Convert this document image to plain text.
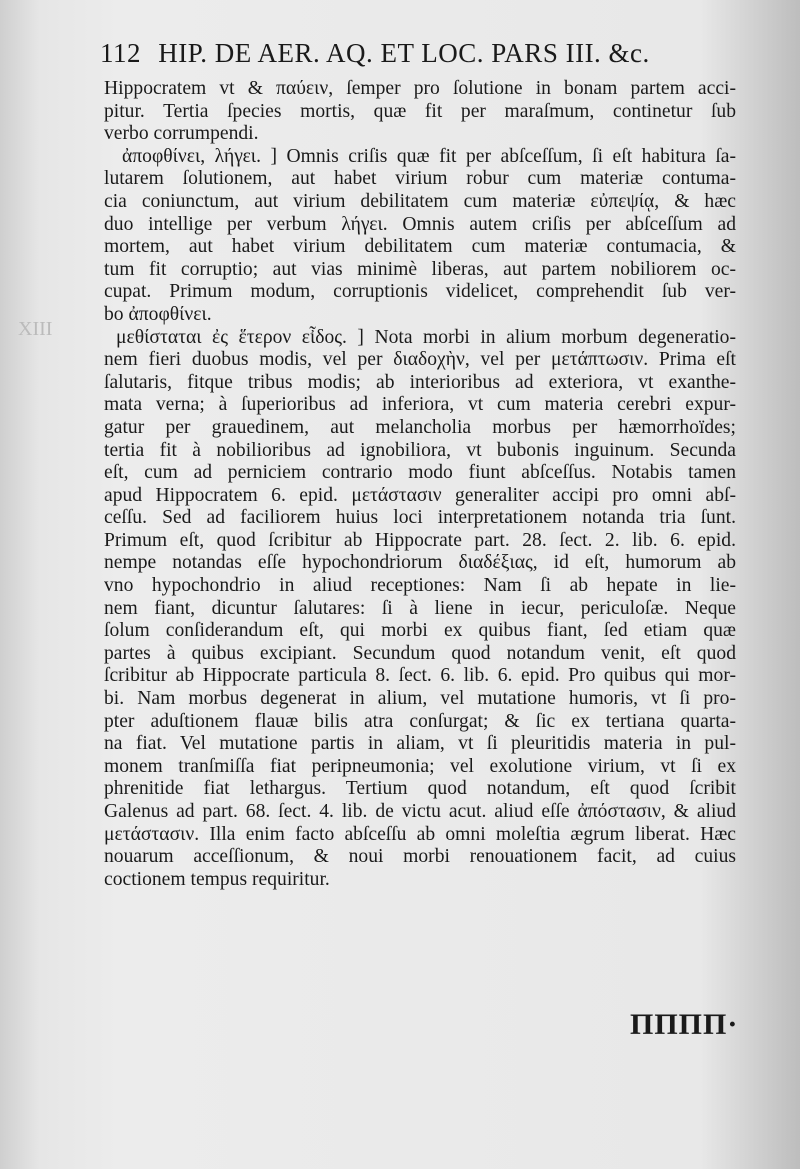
XIII
112 HIP. DE AER. AQ. ET LOC. PARS III. &c.
Hippocratem vt & παύειν, ſemper pro ſolutione in bonam partem acci-
pitur. Tertia ſpecies mortis, quæ fit per maraſmum, continetur ſub
verbo corrumpendi.
ἀποφθίνει, λήγει. ] Omnis criſis quæ fit per abſceſſum, ſi eſt habitura ſa-
lutarem ſolutionem, aut habet virium robur cum materiæ contuma-
cia coniunctum, aut virium debilitatem cum materiæ εὐπεψίᾳ, & hæc
duo intellige per verbum λήγει. Omnis autem criſis per abſceſſum ad
mortem, aut habet virium debilitatem cum materiæ contumacia, &
tum fit corruptio; aut vias minimè liberas, aut partem nobiliorem oc-
cupat. Primum modum, corruptionis videlicet, comprehendit ſub ver-
bo ἀποφθίνει.
μεθίσταται ἐς ἕτερον εἶδος. ] Nota morbi in alium morbum degeneratio-
nem fieri duobus modis, vel per διαδοχὴν, vel per μετάπτωσιν. Prima eſt
ſalutaris, fitque tribus modis; ab interioribus ad exteriora, vt exanthe-
mata verna; à ſuperioribus ad inferiora, vt cum materia cerebri expur-
gatur per grauedinem, aut melancholia morbus per hæmorrhoïdes;
tertia fit à nobilioribus ad ignobiliora, vt bubonis inguinum. Secunda
eſt, cum ad perniciem contrario modo fiunt abſceſſus. Notabis tamen
apud Hippocratem 6. epid. μετάστασιν generaliter accipi pro omni abſ-
ceſſu. Sed ad faciliorem huius loci interpretationem notanda tria ſunt.
Primum eſt, quod ſcribitur ab Hippocrate part. 28. ſect. 2. lib. 6. epid.
nempe notandas eſſe hypochondriorum διαδέξιας, id eſt, humorum ab
vno hypochondrio in aliud receptiones: Nam ſi ab hepate in lie-
nem fiant, dicuntur ſalutares: ſi à liene in iecur, periculoſæ. Neque
ſolum conſiderandum eſt, qui morbi ex quibus fiant, ſed etiam quæ
partes à quibus excipiant. Secundum quod notandum venit, eſt quod
ſcribitur ab Hippocrate particula 8. ſect. 6. lib. 6. epid. Pro quibus qui mor-
bi. Nam morbus degenerat in alium, vel mutatione humoris, vt ſi pro-
pter aduſtionem flauæ bilis atra conſurgat; & ſic ex tertiana quarta-
na fiat. Vel mutatione partis in aliam, vt ſi pleuritidis materia in pul-
monem tranſmiſſa fiat peripneumonia; vel exolutione virium, vt ſi ex
phrenitide fiat lethargus. Tertium quod notandum, eſt quod ſcribit
Galenus ad part. 68. ſect. 4. lib. de victu acut. aliud eſſe ἀπόστασιν, & aliud
μετάστασιν. Illa enim facto abſceſſu ab omni moleſtia ægrum liberat. Hæc
nouarum acceſſionum, & noui morbi renouationem facit, ad cuius
coctionem tempus requiritur.
ΠΠΠΠ·
